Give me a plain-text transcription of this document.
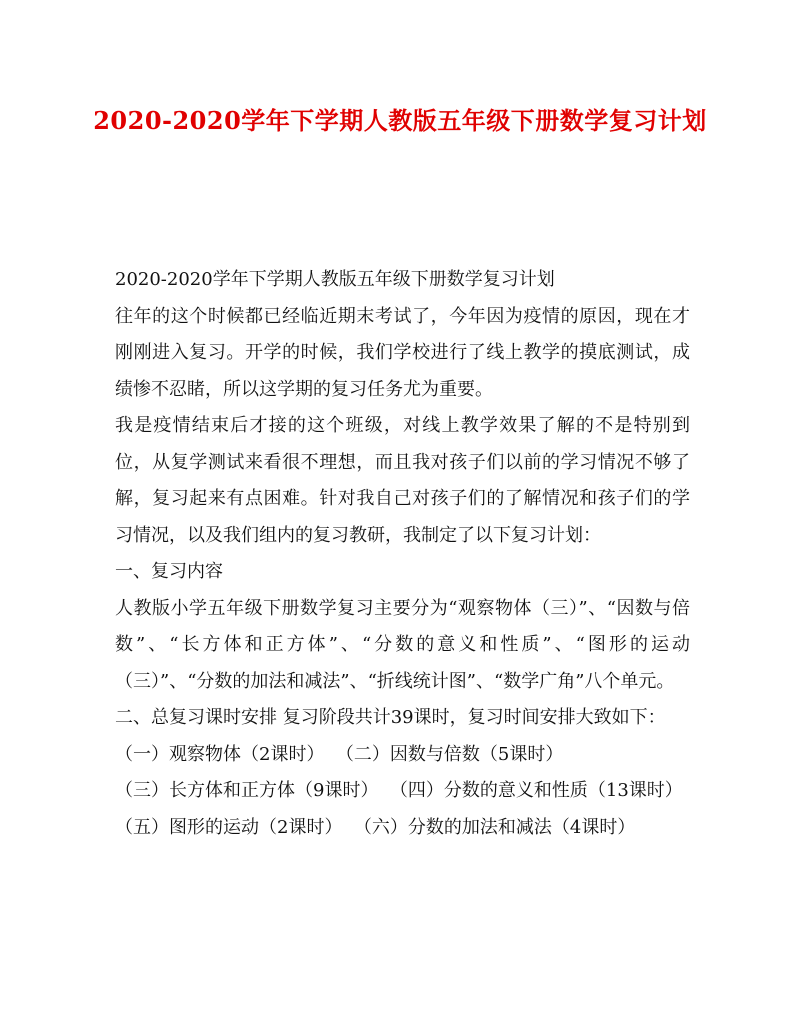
2020-2020学年下学期人教版五年级下册数学复习计划

2020-2020学年下学期人教版五年级下册数学复习计划

往年的这个时候都已经临近期末考试了，今年因为疫情的原因，现在才刚刚进入复习。开学的时候，我们学校进行了线上教学的摸底测试，成绩惨不忍睹，所以这学期的复习任务尤为重要。

我是疫情结束后才接的这个班级，对线上教学效果了解的不是特别到位，从复学测试来看很不理想，而且我对孩子们以前的学习情况不够了解，复习起来有点困难。针对我自己对孩子们的了解情况和孩子们的学习情况，以及我们组内的复习教研，我制定了以下复习计划：

一、复习内容

人教版小学五年级下册数学复习主要分为“观察物体（三）”、“因数与倍数”、“长方体和正方体”、“分数的意义和性质”、“图形的运动（三）”、“分数的加法和减法”、“折线统计图”、“数学广角”八个单元。

二、总复习课时安排 复习阶段共计39课时，复习时间安排大致如下：

（一）观察物体（2课时）  （二）因数与倍数（5课时）

（三）长方体和正方体（9课时）  （四）分数的意义和性质（13课时）

（五）图形的运动（2课时）  （六）分数的加法和减法（4课时）
